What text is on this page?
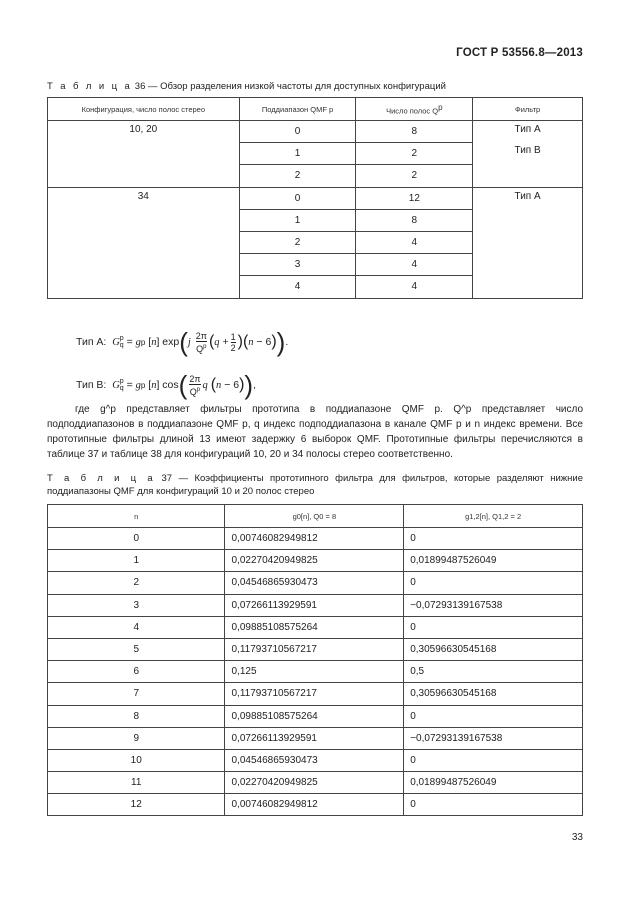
ГОСТ Р 53556.8—2013
Т а б л и ц а 36 — Обзор разделения низкой частоты для доступных конфигураций
Конфигурация, число полос стерео	Поддиапазон QMF p	Число полос $Q^p$	Фильтр
10, 20	0	8	Тип А
Тип В

	1	2	
	2	2	
34	0	12	Тип А

	1	8	
	2	4	
	3	4	
	4	4	
Тип А:
G p
q = g p [ n ] exp ( j
$\frac{2\pi}{Q^p}$ ( $q + \frac{1}{2}$ ) ( n − 6 ) ) .
Тип В:
G p
q = g p [ n ] cos ( $\frac{2\pi}{Q^p}$ q
( n − 6 ) ) ,
где g^p представляет фильтры прототипа в поддиапазоне QMF p. Q^p представляет число подподдиапазонов в поддиапазоне QMF p, q индекс подподдиапазона в канале QMF p и n индекс времени. Все прототипные фильтры длиной 13 имеют задержку 6 выборок QMF. Прототипные фильтры перечисляются в таблице 37 и таблице 38 для конфигураций 10, 20 и 34 полосы стерео соответственно.
Т а б л и ц а 37 — Коэффициенты прототипного фильтра для фильтров, которые разделяют нижние поддиапазоны QMF для конфигураций 10 и 20 полос стерео
n	g0[n], Q0 = 8	g1,2[n], Q1,2 = 2
0	0,00746082949812	0
1	0,02270420949825	0,01899487526049
2	0,04546865930473	0
3	0,07266113929591	−0,07293139167538
4	0,09885108575264	0
5	0,11793710567217	0,30596630545168
6	0,125	0,5
7	0,11793710567217	0,30596630545168
8	0,09885108575264	0
9	0,07266113929591	−0,07293139167538
10	0,04546865930473	0
11	0,02270420949825	0,01899487526049
12	0,00746082949812	0
33
